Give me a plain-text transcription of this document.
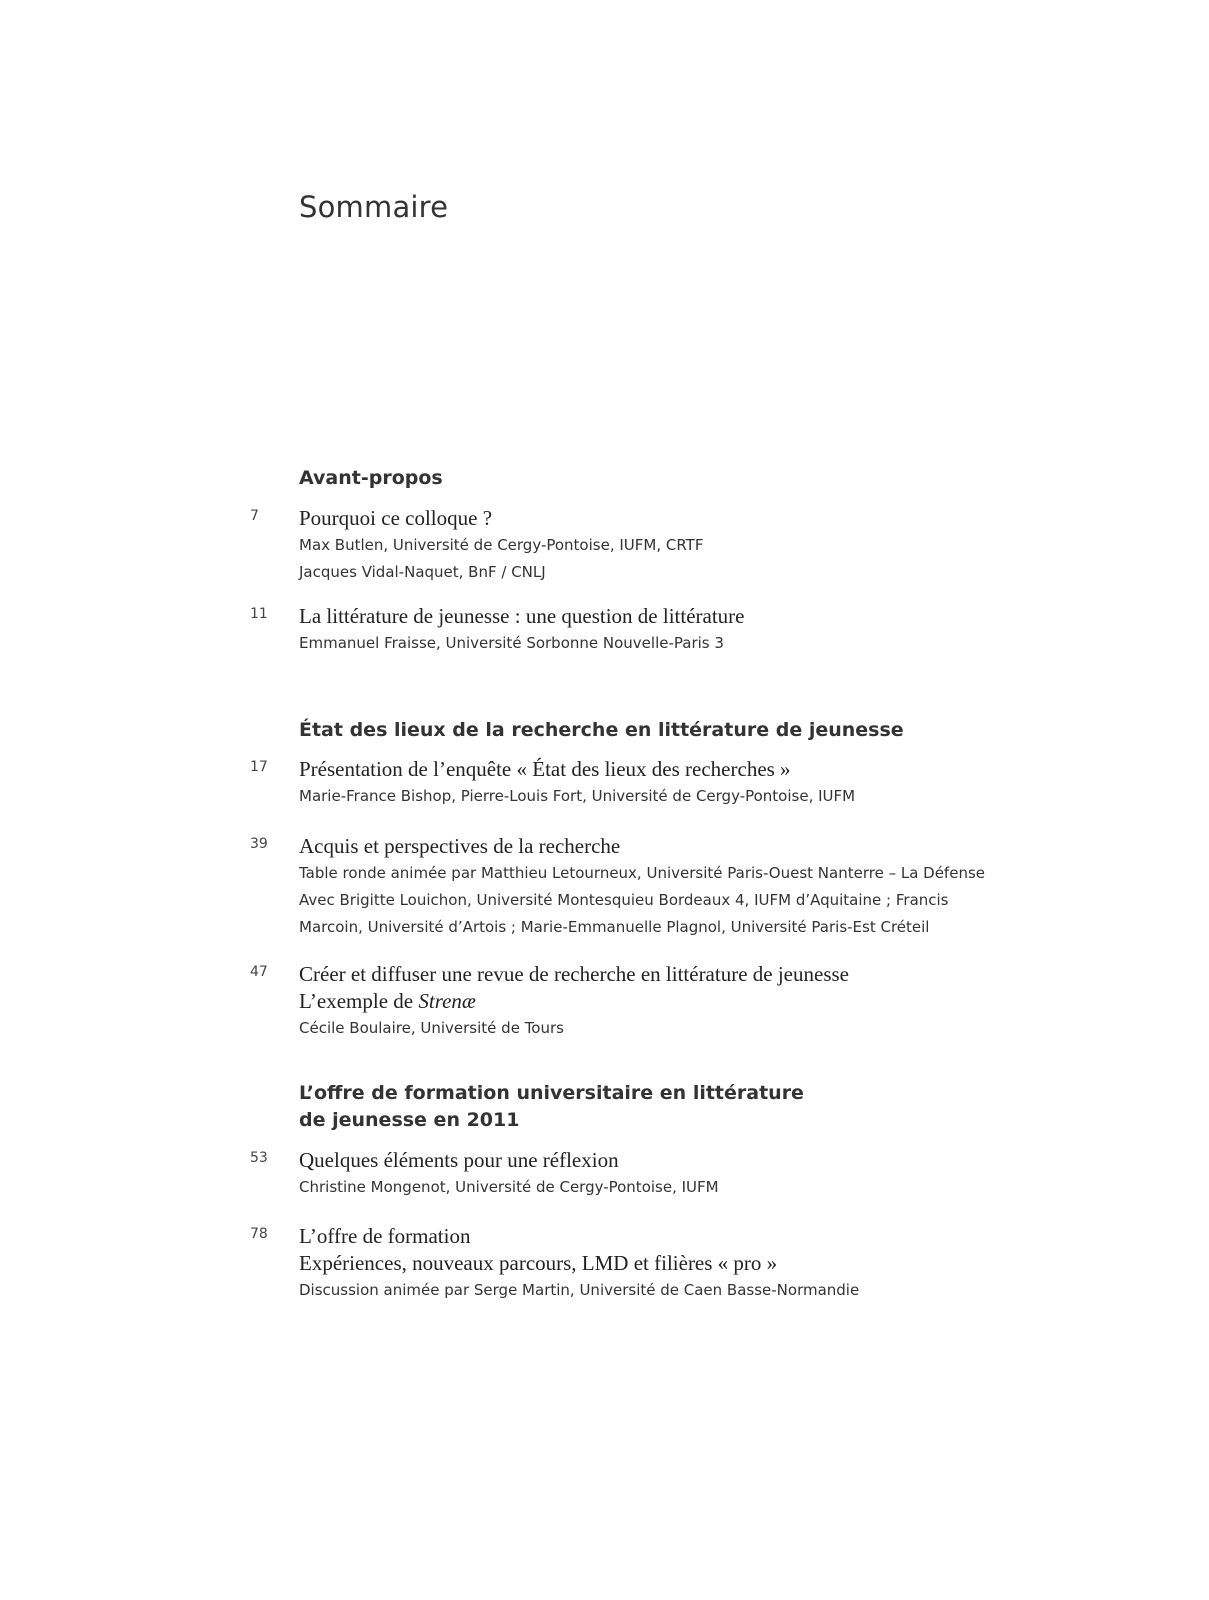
Sommaire
Avant-propos
7	Pourquoi ce colloque ?
Max Butlen, Université de Cergy-Pontoise, IUFM, CRTF
Jacques Vidal-Naquet, BnF / CNLJ
11	La littérature de jeunesse : une question de littérature
Emmanuel Fraisse, Université Sorbonne Nouvelle-Paris 3
État des lieux de la recherche en littérature de jeunesse
17	Présentation de l’enquête « État des lieux des recherches »
Marie-France Bishop, Pierre-Louis Fort, Université de Cergy-Pontoise, IUFM
39	Acquis et perspectives de la recherche
Table ronde animée par Matthieu Letourneux, Université Paris-Ouest Nanterre – La Défense
Avec Brigitte Louichon, Université Montesquieu Bordeaux 4, IUFM d’Aquitaine ; Francis
Marcoin, Université d’Artois ; Marie-Emmanuelle Plagnol, Université Paris-Est Créteil
47	Créer et diffuser une revue de recherche en littérature de jeunesse
L’exemple de Strenæ
Cécile Boulaire, Université de Tours
L’offre de formation universitaire en littérature
de jeunesse en 2011
53	Quelques éléments pour une réflexion
Christine Mongenot, Université de Cergy-Pontoise, IUFM
78	L’offre de formation
Expériences, nouveaux parcours, LMD et filières « pro »
Discussion animée par Serge Martin, Université de Caen Basse-Normandie
